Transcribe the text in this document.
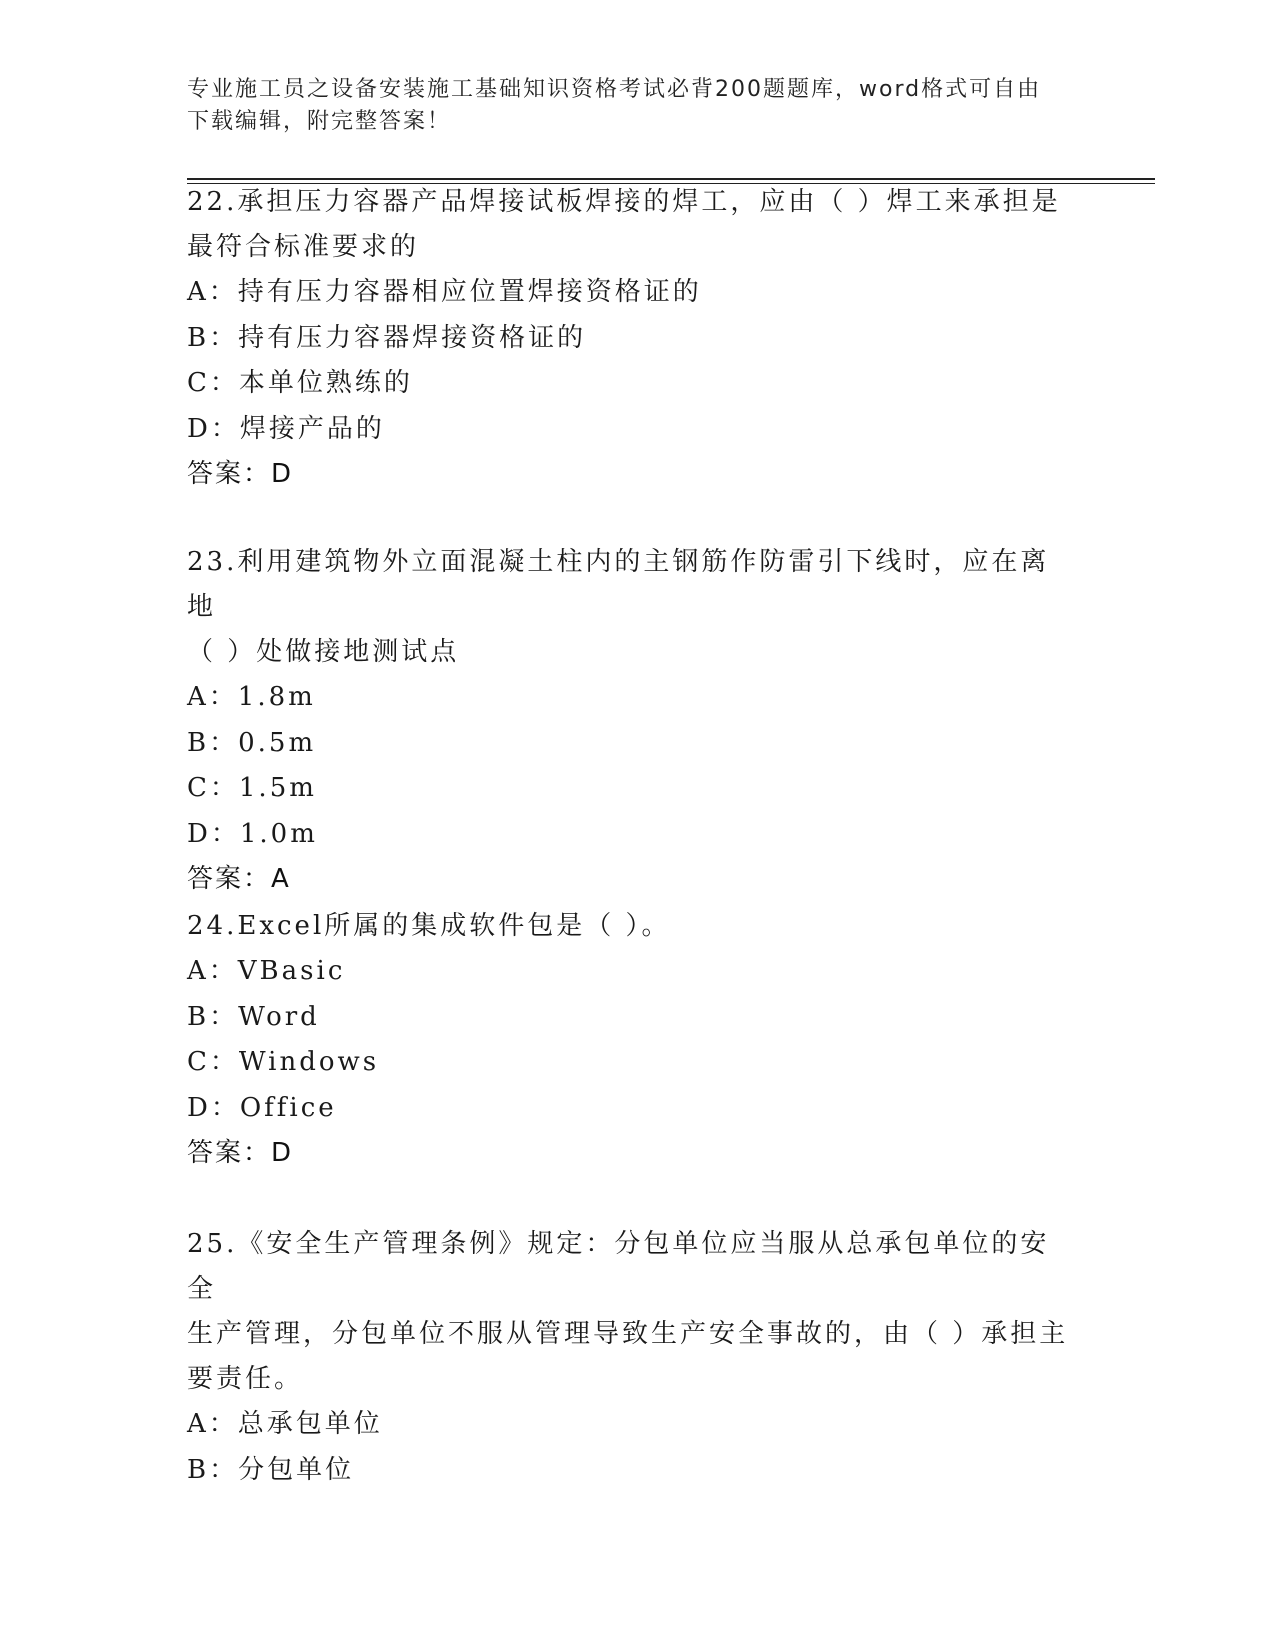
专业施工员之设备安装施工基础知识资格考试必背200题题库，word格式可自由
下载编辑，附完整答案！

22.承担压力容器产品焊接试板焊接的焊工，应由（ ）焊工来承担是

最符合标准要求的

A：持有压力容器相应位置焊接资格证的

B：持有压力容器焊接资格证的

C：本单位熟练的

D：焊接产品的

答案：D

23.利用建筑物外立面混凝土柱内的主钢筋作防雷引下线时，应在离地

（ ）处做接地测试点

A：1.8m

B：0.5m

C：1.5m

D：1.0m

答案：A

24.Excel所属的集成软件包是（ ）。

A：VBasic

B：Word

C：Windows

D：Office

答案：D

25.《安全生产管理条例》规定：分包单位应当服从总承包单位的安全

生产管理，分包单位不服从管理导致生产安全事故的，由（ ）承担主

要责任。

A：总承包单位

B：分包单位
